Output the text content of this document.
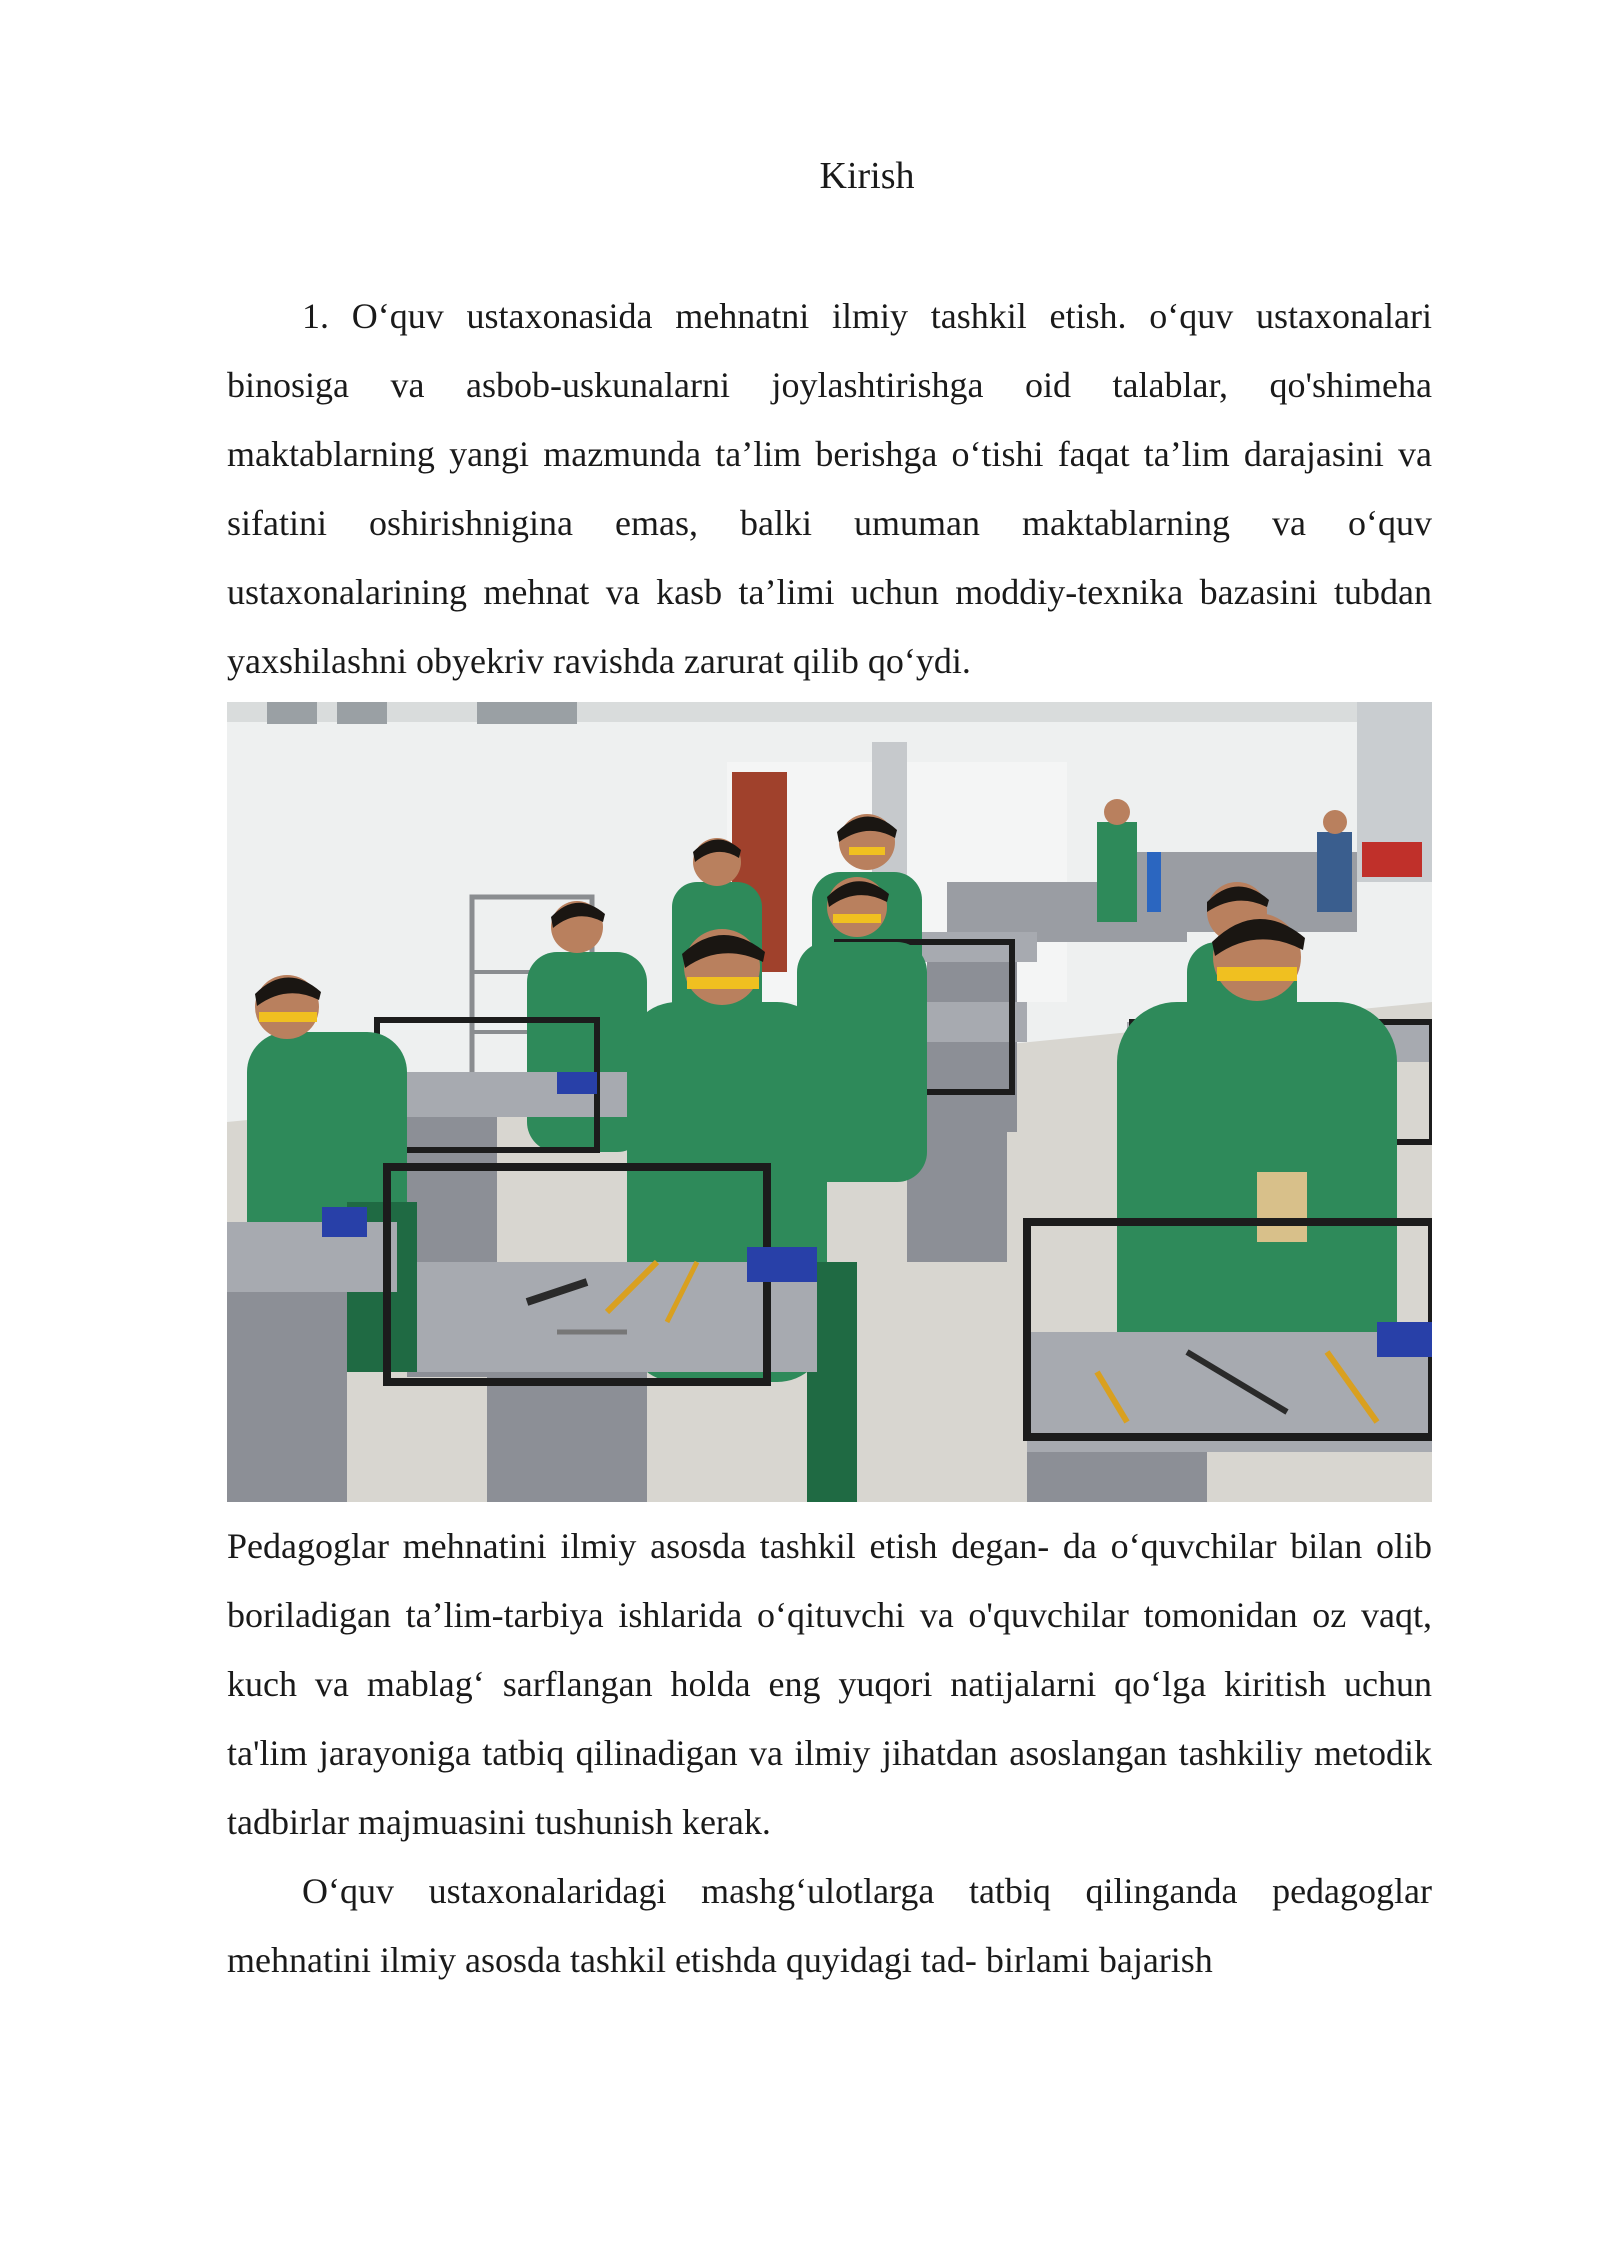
Kirish

1. O‘quv ustaxonasida mehnatni ilmiy tashkil etish. o‘quv ustaxonalari binosiga va asbob-uskunalarni joylashtirishga oid talablar, qo'shimeha maktablarning yangi mazmunda ta’lim berishga o‘tishi faqat ta’lim darajasini va sifatini oshirishnigina emas, balki umuman maktablarning va o‘quv ustaxonalarining mehnat va kasb ta’limi uchun moddiy-texnika bazasini tubdan yaxshilashni obyekriv ravishda zarurat qilib qo‘ydi.

Pedagoglar mehnatini ilmiy asosda tashkil etish degan- da o‘quvchilar bilan olib boriladigan ta’lim-tarbiya ishlarida o‘qituvchi va o'quvchilar tomonidan oz vaqt, kuch va mablag‘ sarflangan holda eng yuqori natijalarni qo‘lga kiritish uchun ta'lim jarayoniga tatbiq qilinadigan va ilmiy jihatdan asoslangan tashkiliy metodik tadbirlar majmuasini tushunish kerak.

O‘quv ustaxonalaridagi mashg‘ulotlarga tatbiq qilinganda pedagoglar mehnatini ilmiy asosda tashkil etishda quyidagi tad- birlami bajarish
